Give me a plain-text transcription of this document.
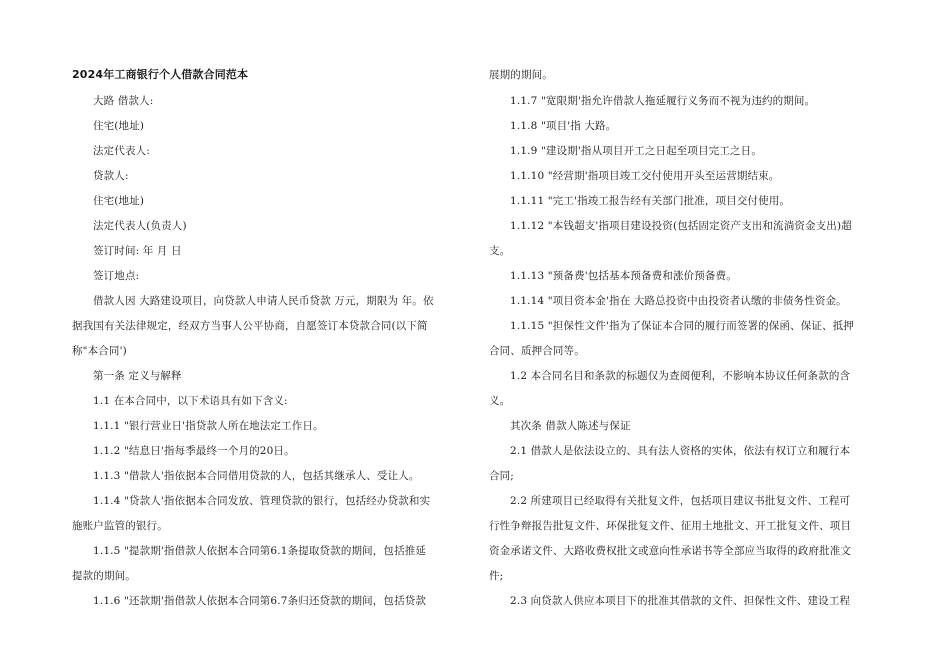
2024年工商银行个人借款合同范本
大路 借款人:
住宅(地址)
法定代表人:
贷款人:
住宅(地址)
法定代表人(负责人)
签订时间: 年 月 日
签订地点:
借款人因 大路建设项目，向贷款人申请人民币贷款 万元，期限为 年。依
据我国有关法律规定，经双方当事人公平协商，自愿签订本贷款合同(以下简
称"本合同')
第一条 定义与解释
1.1 在本合同中，以下术语具有如下含义:
1.1.1 "银行营业日'指贷款人所在地法定工作日。
1.1.2 "结息日'指每季最终一个月的20日。
1.1.3 "借款人'指依据本合同借用贷款的人，包括其继承人、受让人。
1.1.4 "贷款人'指依据本合同发放、管理贷款的银行，包括经办贷款和实
施账户监管的银行。
1.1.5 "提款期'指借款人依据本合同第6.1条提取贷款的期间，包括推延
提款的期间。
1.1.6 "还款期'指借款人依据本合同第6.7条归还贷款的期间，包括贷款
展期的期间。
1.1.7 "宽限期'指允许借款人拖延履行义务而不视为违约的期间。
1.1.8 "项目'指 大路。
1.1.9 "建设期'指从项目开工之日起至项目完工之日。
1.1.10 "经营期'指项目竣工交付使用开头至运营期结束。
1.1.11 "完工'指竣工报告经有关部门批准，项目交付使用。
1.1.12 "本钱超支'指项目建设投资(包括固定资产支出和流淌资金支出)超
支。
1.1.13 "预备费'包括基本预备费和涨价预备费。
1.1.14 "项目资本金'指在 大路总投资中由投资者认缴的非债务性资金。
1.1.15 "担保性文件'指为了保证本合同的履行而签署的保函、保证、抵押
合同、质押合同等。
1.2 本合同名目和条款的标题仅为查阅便利，不影响本协议任何条款的含
义。
其次条 借款人陈述与保证
2.1 借款人是依法设立的、具有法人资格的实体，依法有权订立和履行本
合同;
2.2 所建项目已经取得有关批复文件，包括项目建议书批复文件、工程可
行性争辩报告批复文件、环保批复文件、征用土地批文、开工批复文件、项目
资金承诺文件、大路收费权批文或意向性承诺书等全部应当取得的政府批准文
件;
2.3 向贷款人供应本项目下的批准其借款的文件、担保性文件、建设工程
